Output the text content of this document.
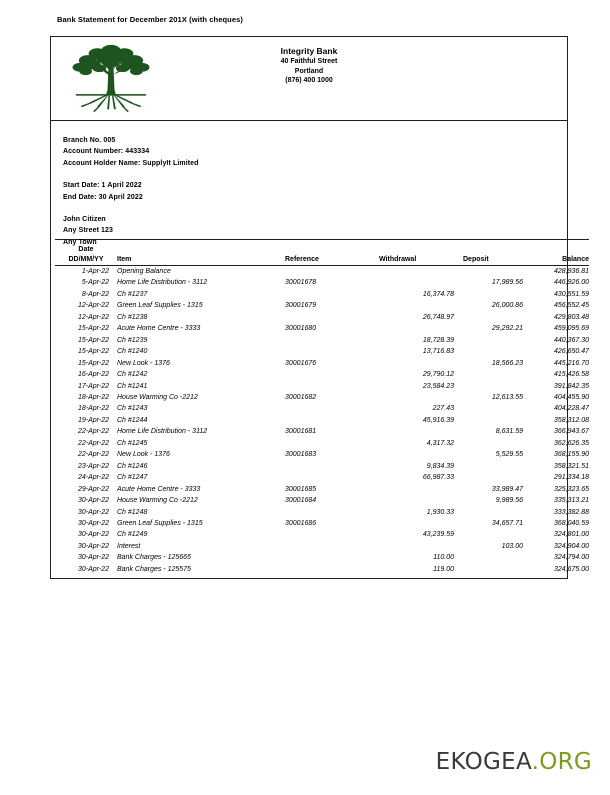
Bank Statement for December 201X (with cheques)
Integrity Bank
40 Faithful Street
Portland
(876) 400 1000
Branch No. 005
Account Number: 443334
Account Holder Name: SupplyIt Limited
Start Date: 1 April 2022
End Date: 30 April 2022
John Citizen
Any Street 123
Any Town
Date					
DD/MM/YY	Item	Reference	Withdrawal	Deposit	Balance
1-Apr-22	Opening Balance				428,936.81
5-Apr-22	Home Life Distribution - 3112	30001678		17,989.56	446,926.00
8-Apr-22	Ch #1237		16,374.78		430,551.59
12-Apr-22	Green Leaf Supplies - 1315	30001679		26,000.86	456,552.45
12-Apr-22	Ch #1238		26,748.97		429,803.48
15-Apr-22	Acute Home Centre - 3333	30001680		29,292.21	459,095.69
15-Apr-22	Ch #1239		18,728.39		440,367.30
15-Apr-22	Ch #1240		13,716.83		426,650.47
15-Apr-22	New Look - 1376	30001676		18,566.23	445,216.70
16-Apr-22	Ch #1242		29,790.12		415,426.58
17-Apr-22	Ch #1241		23,584.23		391,842.35
18-Apr-22	House Warming Co -2212	30001682		12,613.55	404,455.90
18-Apr-22	Ch #1243		227.43		404,228.47
19-Apr-22	Ch #1244		45,916.39		358,312.08
22-Apr-22	Home Life Distribution - 3112	30001681		8,631.59	366,943.67
22-Apr-22	Ch #1245		4,317.32		362,626.35
22-Apr-22	New Look - 1376	30001683		5,529.55	368,155.90
23-Apr-22	Ch #1246		9,834.39		358,321.51
24-Apr-22	Ch #1247		66,987.33		291,334.18
29-Apr-22	Acute Home Centre - 3333	30001685		33,989.47	325,323.65
30-Apr-22	House Warming Co -2212	30001684		9,989.56	335,313.21
30-Apr-22	Ch #1248		1,930.33		333,382.88
30-Apr-22	Green Leaf Supplies - 1315	30001686		34,657.71	368,040.59
30-Apr-22	Ch #1249		43,239.59		324,801.00
30-Apr-22	Interest			103.00	324,904.00
30-Apr-22	Bank Charges - 125665		110.00		324,794.00
30-Apr-22	Bank Charges - 125575		119.00		324,675.00
EKOGEA.ORG
